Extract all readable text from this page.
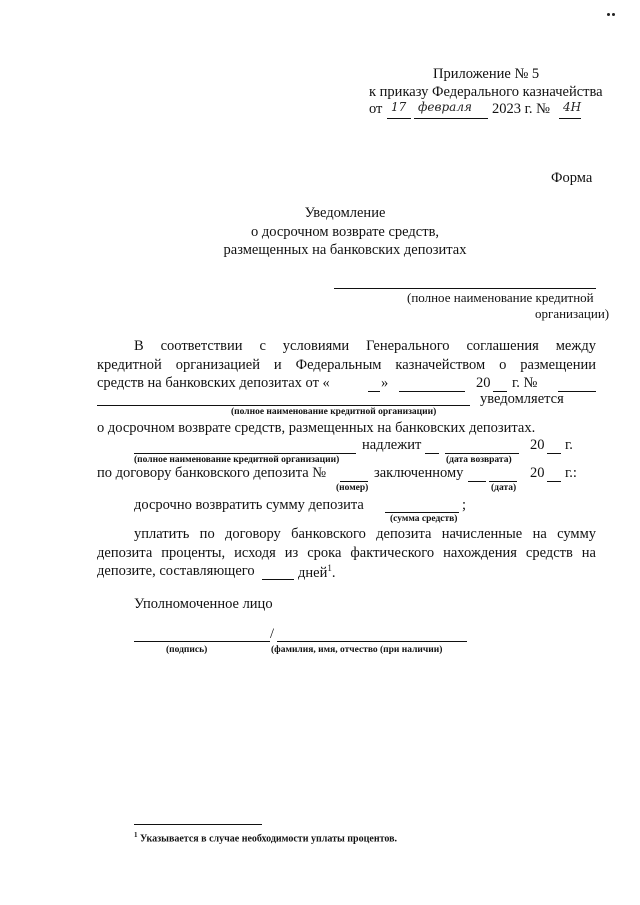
Приложение № 5
к приказу Федерального казначейства
от 17 февраля 2023 г. № 4Н
Форма
Уведомление
о досрочном возврате средств,
размещенных на банковских депозитах
(полное наименование кредитной
организации)
В соответствии с условиями Генерального соглашения между
кредитной организацией и Федеральным казначейством о размещении
средств на банковских депозитах от «	»	20 г. №
уведомляется
(полное наименование кредитной организации)
о досрочном возврате средств, размещенных на банковских депозитах.
надлежит	20 г.
(полное наименование кредитной организации)	(дата возврата)
по договору банковского депозита №	заключенному	20 г.:
(номер)	(дата)
досрочно возвратить сумму депозита	;
(сумма средств)
уплатить по договору банковского депозита начисленные на сумму
депозита проценты, исходя из срока фактического нахождения средств на
депозите, составляющего	дней$^1$.
Уполномоченное лицо
/
(подпись)	(фамилия, имя, отчество (при наличии)
$^1$ Указывается в случае необходимости уплаты процентов.
